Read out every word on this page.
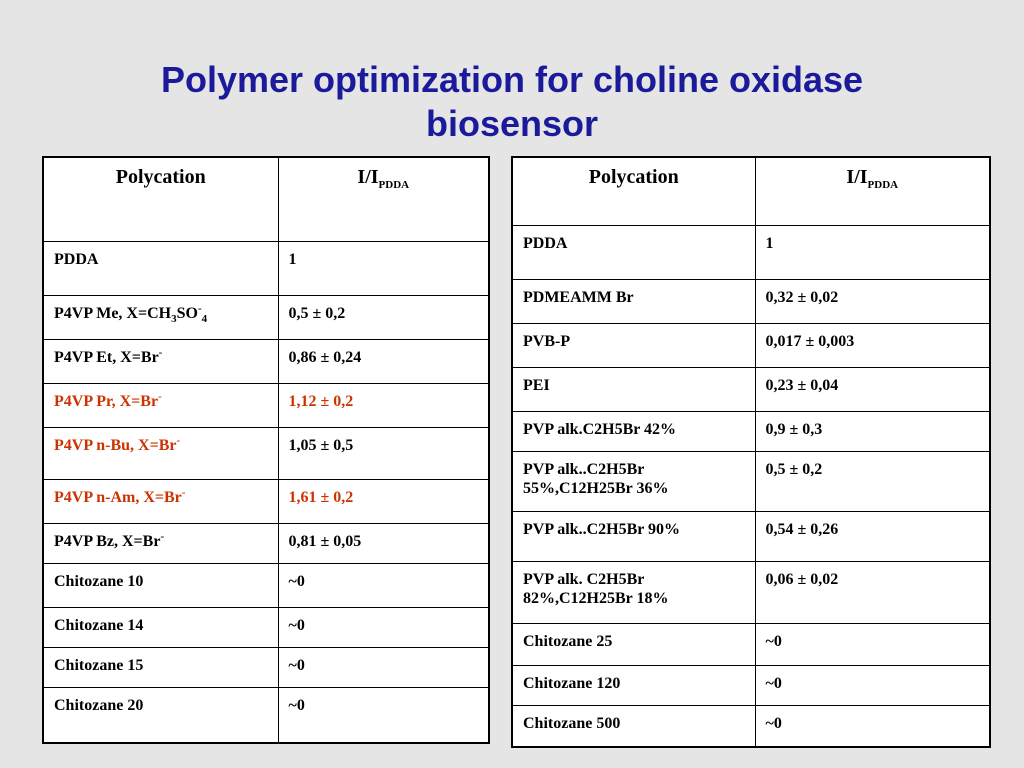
Polymer optimization for choline oxidase
biosensor
Polycation	$I/I_{PDDA}$
PDDA	1
P4VP Me, $X=CH_3SO^-_4$	0,5 ± 0,2
P4VP Et, X=Br-	0,86 ± 0,24
P4VP Pr, X=Br-	1,12 ± 0,2
P4VP n-Bu, X=Br-	1,05 ± 0,5
P4VP n-Am, X=Br-	1,61 ± 0,2
P4VP Bz, X=Br-	0,81 ± 0,05
Chitozane 10	~0
Chitozane 14	~0
Chitozane 15	~0
Chitozane 20	~0
Polycation	$I/I_{PDDA}$
PDDA	1
PDMEAMM Br	0,32 ± 0,02
PVB-P	0,017 ± 0,003
PEI	0,23 ± 0,04
PVP alk.C2H5Br 42%	0,9 ± 0,3
PVP alk..C2H5Br
55%,C12H25Br 36%	0,5 ± 0,2
PVP alk..C2H5Br 90%	0,54 ± 0,26
PVP alk. C2H5Br
82%,C12H25Br 18%	0,06 ± 0,02
Chitozane 25	~0
Chitozane 120	~0
Chitozane 500	~0
